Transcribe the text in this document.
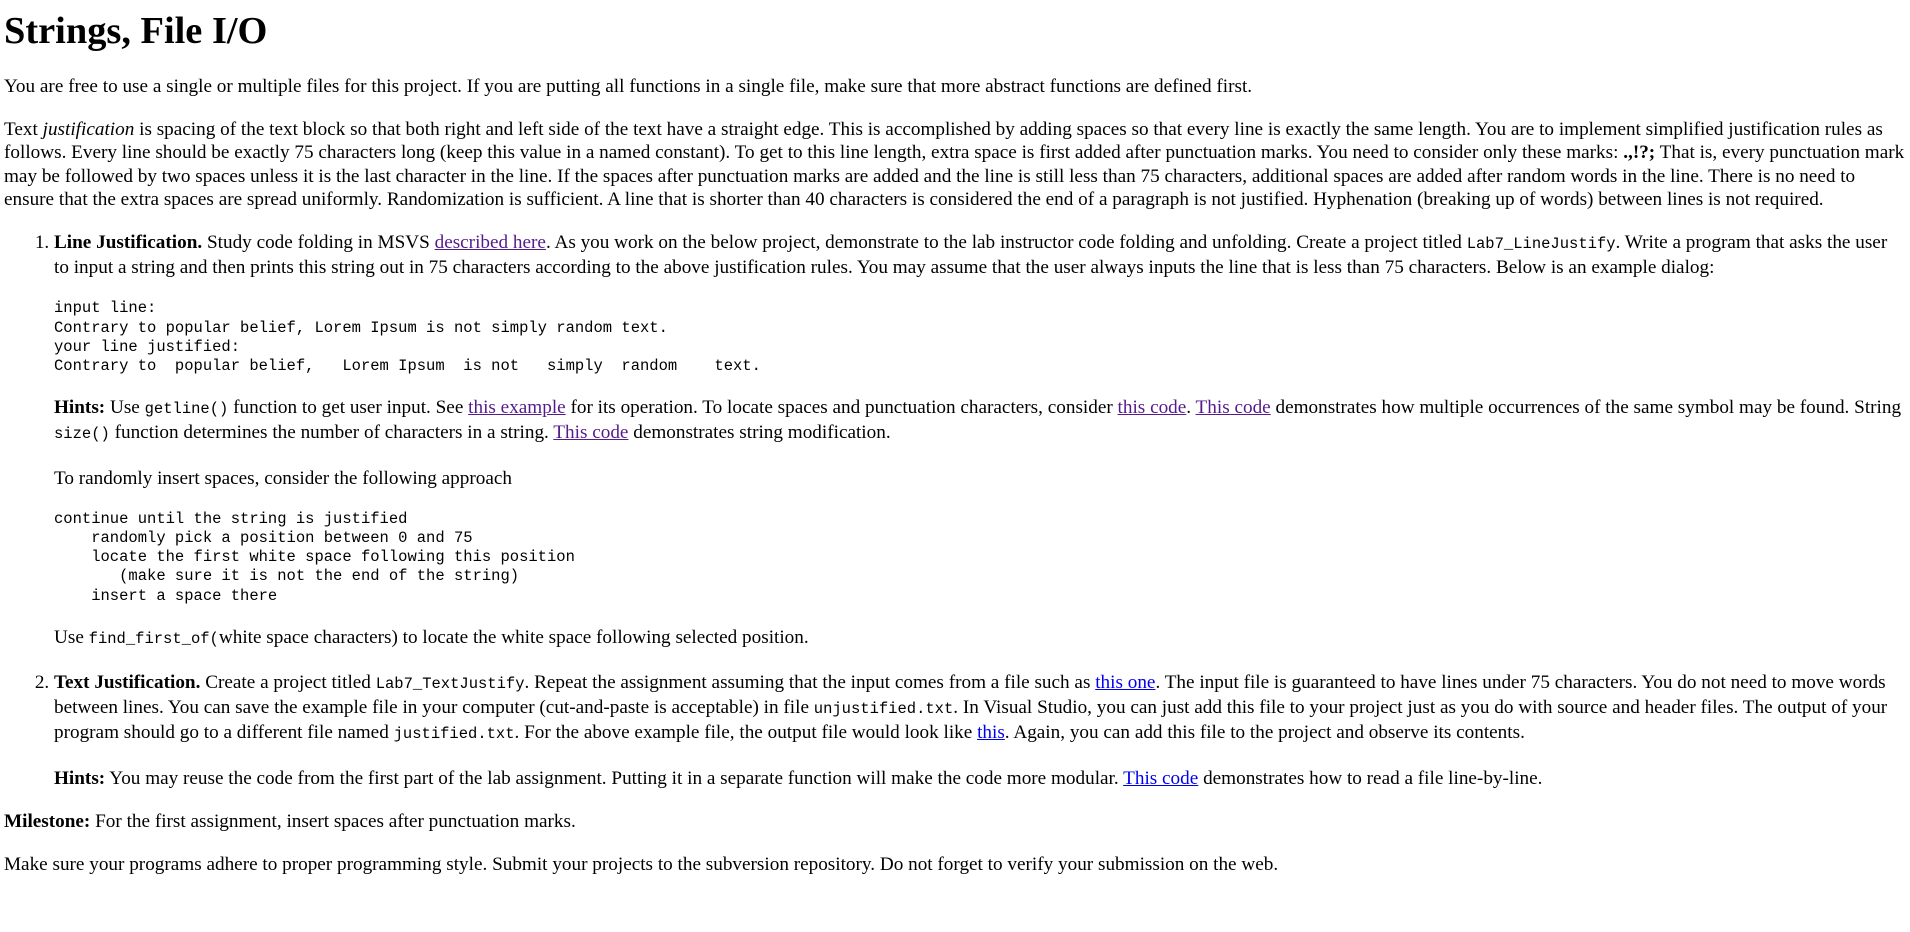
Strings, File I/O

You are free to use a single or multiple files for this project. If you are putting all functions in a single file, make sure that more abstract functions are defined first.

Text justification is spacing of the text block so that both right and left side of the text have a straight edge. This is accomplished by adding spaces so that every line is exactly the same length. You are to implement simplified justification rules as follows. Every line should be exactly 75 characters long (keep this value in a named constant). To get to this line length, extra space is first added after punctuation marks. You need to consider only these marks: .,!?; That is, every punctuation mark may be followed by two spaces unless it is the last character in the line. If the spaces after punctuation marks are added and the line is still less than 75 characters, additional spaces are added after random words in the line. There is no need to ensure that the extra spaces are spread uniformly. Randomization is sufficient. A line that is shorter than 40 characters is considered the end of a paragraph is not justified. Hyphenation (breaking up of words) between lines is not required.

1. Line Justification. Study code folding in MSVS described here. As you work on the below project, demonstrate to the lab instructor code folding and unfolding. Create a project titled Lab7_LineJustify. Write a program that asks the user to input a string and then prints this string out in 75 characters according to the above justification rules. You may assume that the user always inputs the line that is less than 75 characters. Below is an example dialog:

input line:
Contrary to popular belief, Lorem Ipsum is not simply random text.
your line justified:
Contrary to  popular belief,   Lorem Ipsum  is not   simply  random    text.

Hints: Use getline() function to get user input. See this example for its operation. To locate spaces and punctuation characters, consider this code. This code demonstrates how multiple occurrences of the same symbol may be found. String size() function determines the number of characters in a string. This code demonstrates string modification.

To randomly insert spaces, consider the following approach

continue until the string is justified
randomly pick a position between 0 and 75
locate the first white space following this position
(make sure it is not the end of the string)
insert a space there

Use find_first_of(white space characters) to locate the white space following selected position.

2. Text Justification. Create a project titled Lab7_TextJustify. Repeat the assignment assuming that the input comes from a file such as this one. The input file is guaranteed to have lines under 75 characters. You do not need to move words between lines. You can save the example file in your computer (cut-and-paste is acceptable) in file unjustified.txt. In Visual Studio, you can just add this file to your project just as you do with source and header files. The output of your program should go to a different file named justified.txt. For the above example file, the output file would look like this. Again, you can add this file to the project and observe its contents.

Hints: You may reuse the code from the first part of the lab assignment. Putting it in a separate function will make the code more modular. This code demonstrates how to read a file line-by-line.

Milestone: For the first assignment, insert spaces after punctuation marks.

Make sure your programs adhere to proper programming style. Submit your projects to the subversion repository. Do not forget to verify your submission on the web.
